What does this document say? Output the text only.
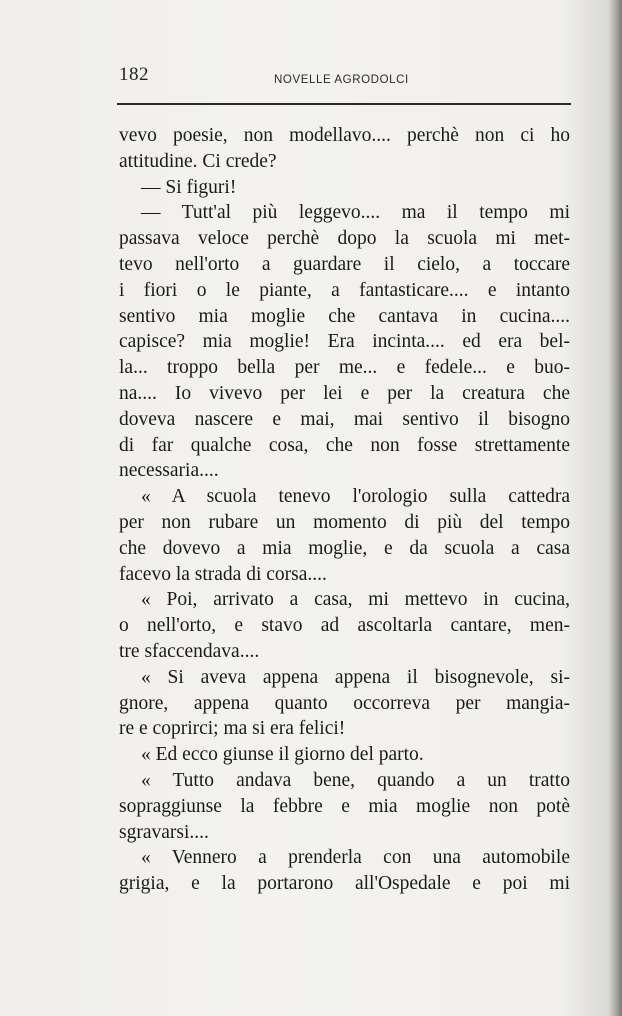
182	NOVELLE AGRODOLCI
vevo poesie, non modellavo.... perchè non ci ho
attitudine. Ci crede?
— Si figuri!
— Tutt'al più leggevo.... ma il tempo mi
passava veloce perchè dopo la scuola mi met-
tevo nell'orto a guardare il cielo, a toccare
i fiori o le piante, a fantasticare.... e intanto
sentivo mia moglie che cantava in cucina....
capisce? mia moglie! Era incinta.... ed era bel-
la... troppo bella per me... e fedele... e buo-
na.... Io vivevo per lei e per la creatura che
doveva nascere e mai, mai sentivo il bisogno
di far qualche cosa, che non fosse strettamente
necessaria....
« A scuola tenevo l'orologio sulla cattedra
per non rubare un momento di più del tempo
che dovevo a mia moglie, e da scuola a casa
facevo la strada di corsa....
« Poi, arrivato a casa, mi mettevo in cucina,
o nell'orto, e stavo ad ascoltarla cantare, men-
tre sfaccendava....
« Si aveva appena appena il bisognevole, si-
gnore, appena quanto occorreva per mangia-
re e coprirci; ma si era felici!
« Ed ecco giunse il giorno del parto.
« Tutto andava bene, quando a un tratto
sopraggiunse la febbre e mia moglie non potè
sgravarsi....
« Vennero a prenderla con una automobile
grigia, e la portarono all'Ospedale e poi mi
